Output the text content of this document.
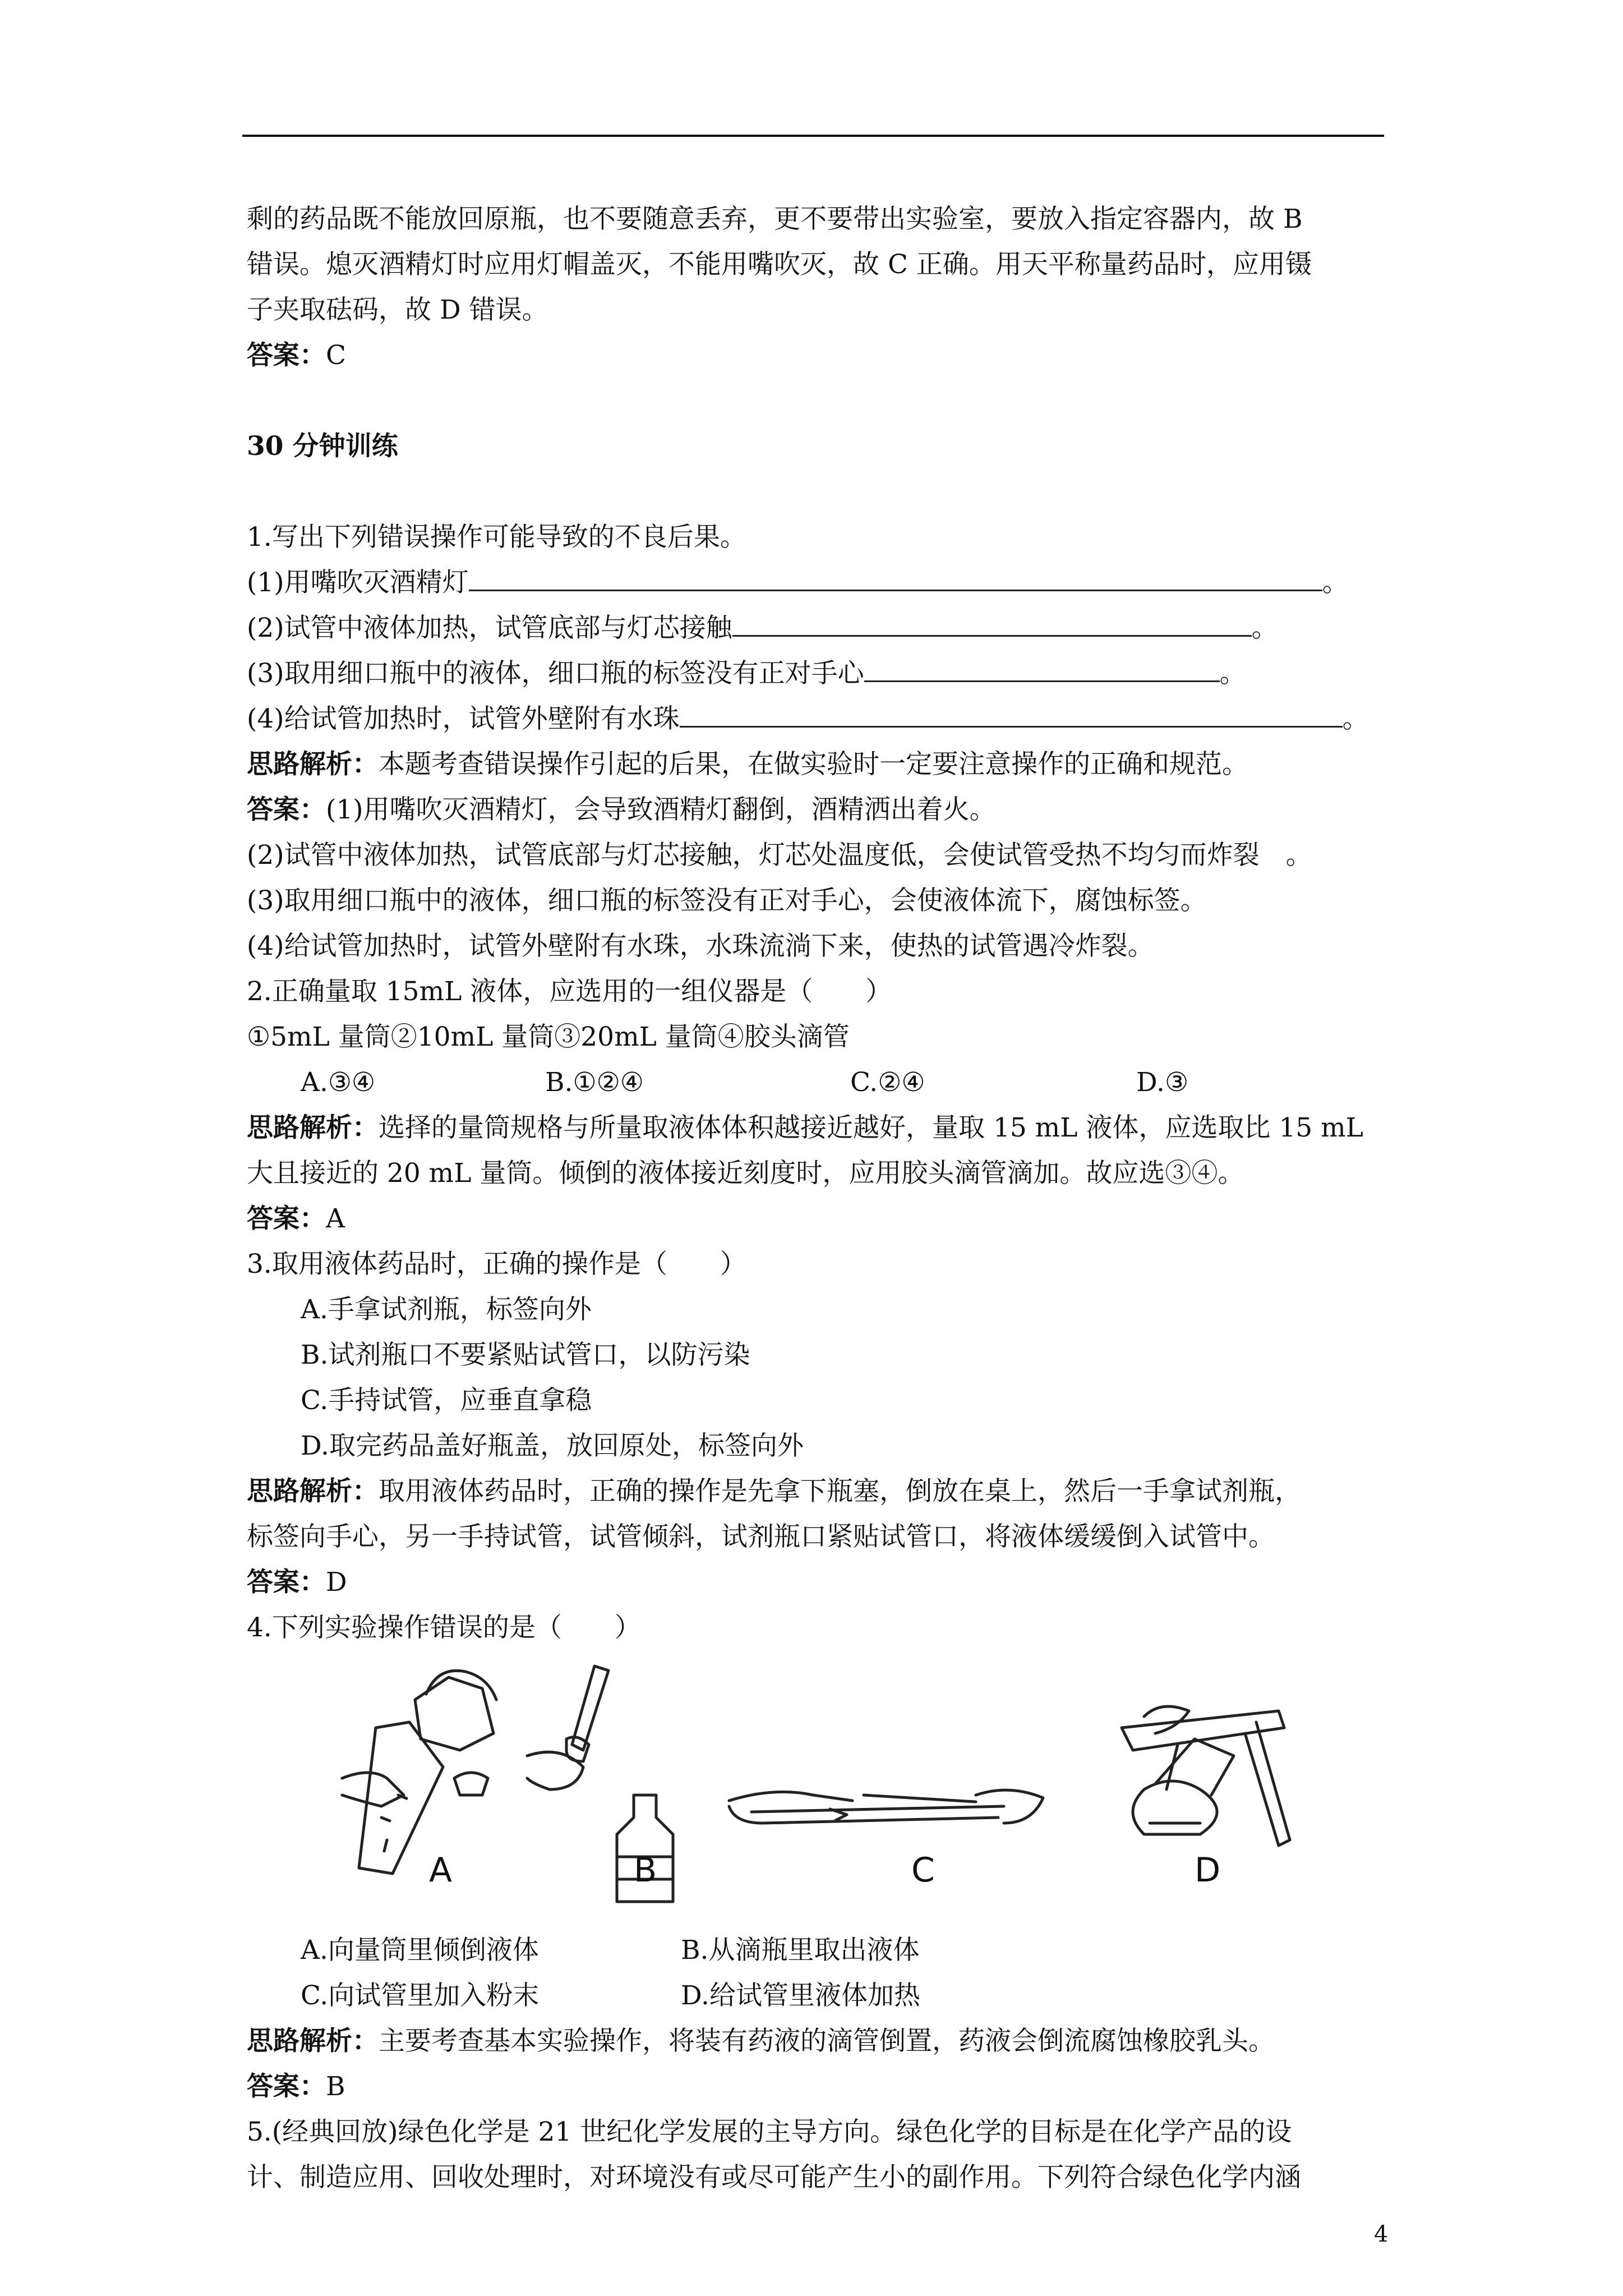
剩的药品既不能放回原瓶，也不要随意丢弃，更不要带出实验室，要放入指定容器内，故 B
错误。熄灭酒精灯时应用灯帽盖灭，不能用嘴吹灭，故 C 正确。用天平称量药品时，应用镊
子夹取砝码，故 D 错误。
答案：C
30 分钟训练
1.写出下列错误操作可能导致的不良后果。
(1)用嘴吹灭酒精灯	。
(2)试管中液体加热，试管底部与灯芯接触	。
(3)取用细口瓶中的液体，细口瓶的标签没有正对手心	。
(4)给试管加热时，试管外壁附有水珠	。
思路解析：本题考查错误操作引起的后果，在做实验时一定要注意操作的正确和规范。
答案：(1)用嘴吹灭酒精灯，会导致酒精灯翻倒，酒精洒出着火。
(2)试管中液体加热，试管底部与灯芯接触，灯芯处温度低，会使试管受热不均匀而炸裂　。
(3)取用细口瓶中的液体，细口瓶的标签没有正对手心，会使液体流下，腐蚀标签。
(4)给试管加热时，试管外壁附有水珠，水珠流淌下来，使热的试管遇冷炸裂。
2.正确量取 15mL 液体，应选用的一组仪器是（　　）
①5mL 量筒②10mL 量筒③20mL 量筒④胶头滴管
A.③④	B.①②④	C.②④	D.③
思路解析：选择的量筒规格与所量取液体体积越接近越好，量取 15 mL 液体，应选取比 15 mL
大且接近的 20 mL 量筒。倾倒的液体接近刻度时，应用胶头滴管滴加。故应选③④。
答案：A
3.取用液体药品时，正确的操作是（　　）
A.手拿试剂瓶，标签向外
B.试剂瓶口不要紧贴试管口，以防污染
C.手持试管，应垂直拿稳
D.取完药品盖好瓶盖，放回原处，标签向外
思路解析：取用液体药品时，正确的操作是先拿下瓶塞，倒放在桌上，然后一手拿试剂瓶，
标签向手心，另一手持试管，试管倾斜，试剂瓶口紧贴试管口，将液体缓缓倒入试管中。
答案：D
4.下列实验操作错误的是（　　）
A	B	C	D
A.向量筒里倾倒液体	B.从滴瓶里取出液体
C.向试管里加入粉末	D.给试管里液体加热
思路解析：主要考查基本实验操作，将装有药液的滴管倒置，药液会倒流腐蚀橡胶乳头。
答案：B
5.(经典回放)绿色化学是 21 世纪化学发展的主导方向。绿色化学的目标是在化学产品的设
计、制造应用、回收处理时，对环境没有或尽可能产生小的副作用。下列符合绿色化学内涵
4
